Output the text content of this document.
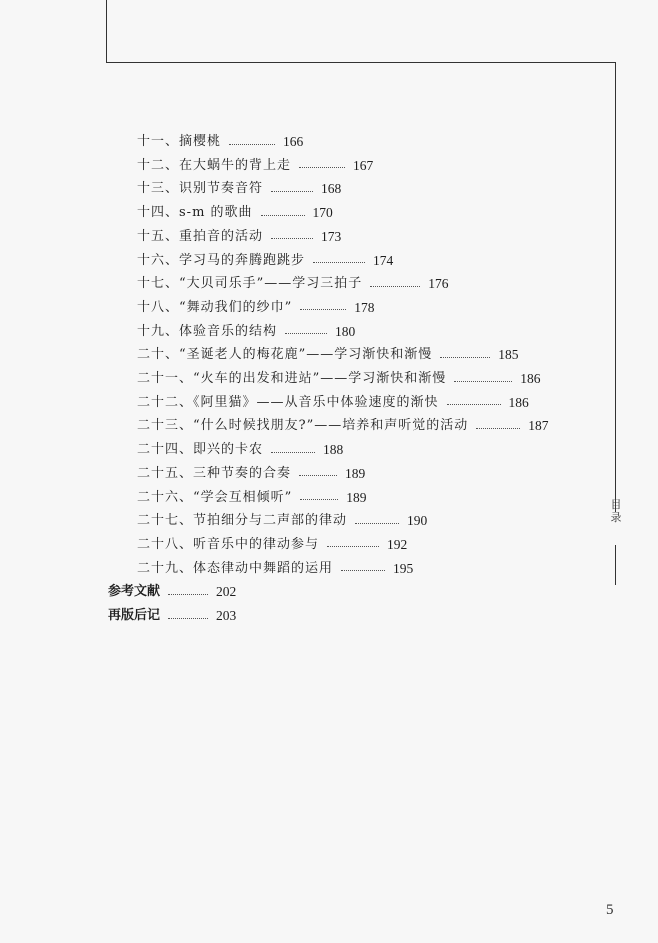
目录
十一、摘樱桃	166
十二、在大蜗牛的背上走	167
十三、识别节奏音符	168
十四、s-m 的歌曲	170
十五、重拍音的活动	173
十六、学习马的奔腾跑跳步	174
十七、“大贝司乐手”——学习三拍子	176
十八、“舞动我们的纱巾”	178
十九、体验音乐的结构	180
二十、“圣诞老人的梅花鹿”——学习渐快和渐慢	185
二十一、“火车的出发和进站”——学习渐快和渐慢	186
二十二、《阿里猫》——从音乐中体验速度的渐快	186
二十三、“什么时候找朋友?”——培养和声听觉的活动	187
二十四、即兴的卡农	188
二十五、三种节奏的合奏	189
二十六、“学会互相倾听”	189
二十七、节拍细分与二声部的律动	190
二十八、听音乐中的律动参与	192
二十九、体态律动中舞蹈的运用	195
参考文献	202
再版后记	203
5
